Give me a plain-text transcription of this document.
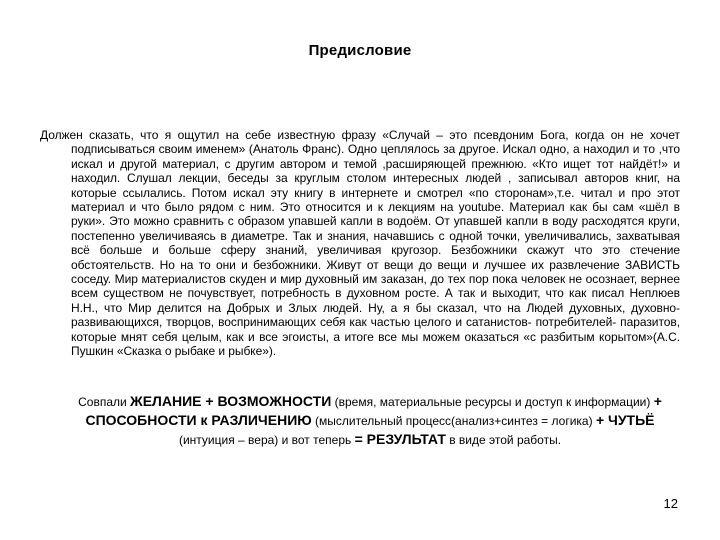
Предисловие
Должен сказать, что я ощутил на себе известную фразу «Случай – это псевдоним Бога, когда он не хочет подписываться своим именем» (Анатоль Франс). Одно цеплялось за другое. Искал одно, а находил и то ,что искал и другой материал, с другим автором и темой ,расширяющей прежнюю. «Кто ищет тот найдёт!» и находил. Слушал лекции, беседы за круглым столом интересных людей , записывал авторов книг, на которые ссылались. Потом искал эту книгу в интернете и смотрел «по сторонам»,т.е. читал и про этот материал и что было рядом с ним. Это относится и к лекциям на youtube. Материал как бы сам «шёл в руки». Это можно сравнить с образом упавшей капли в водоём. От упавшей капли в воду расходятся круги, постепенно увеличиваясь в диаметре. Так и знания, начавшись с одной точки, увеличивались, захватывая всё больше и больше сферу знаний, увеличивая кругозор. Безбожники скажут что это стечение обстоятельств. Но на то они и безбожники. Живут от вещи до вещи и лучшее их развлечение ЗАВИСТЬ соседу. Мир материалистов скуден и мир духовный им заказан, до тех пор пока человек не осознает, вернее всем существом не почувствует, потребность в духовном росте. А так и выходит, что как писал Неплюев Н.Н., что Мир делится на Добрых и Злых людей. Ну, а я бы сказал, что на Людей духовных, духовно-развивающихся, творцов, воспринимающих себя как частью целого и сатанистов- потребителей- паразитов, которые мнят себя целым, как и все эгоисты, а итоге все мы можем оказаться «с разбитым корытом»(А.С. Пушкин «Сказка о рыбаке и рыбке»).
Совпали ЖЕЛАНИЕ + ВОЗМОЖНОСТИ (время, материальные ресурсы и доступ к информации) + СПОСОБНОСТИ к РАЗЛИЧЕНИЮ (мыслительный процесс(анализ+синтез = логика) + ЧУТЬЁ (интуиция – вера) и вот теперь = РЕЗУЛЬТАТ в виде этой работы.
12
